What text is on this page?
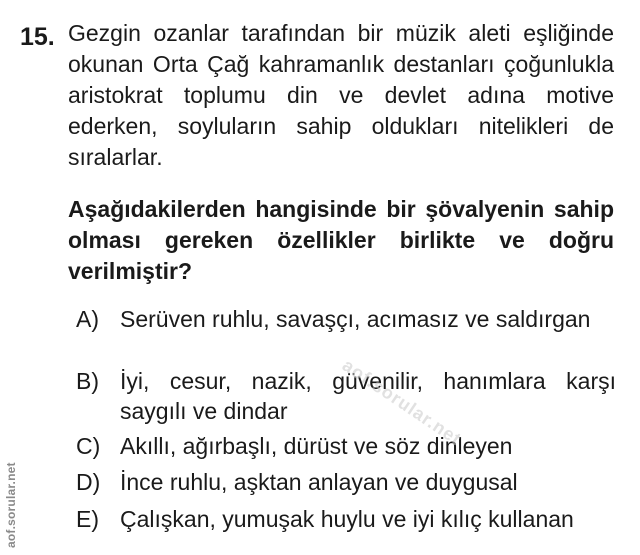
15. Gezgin ozanlar tarafından bir müzik aleti eşliğinde okunan Orta Çağ kahramanlık destanları çoğunlukla aristokrat toplumu din ve devlet adına motive ederken, soyluların sahip oldukları nitelikleri de sıralarlar.

Aşağıdakilerden hangisinde bir şövalyenin sahip olması gereken özellikler birlikte ve doğru verilmiştir?

A) Serüven ruhlu, savaşçı, acımasız ve saldırgan
B) İyi, cesur, nazik, güvenilir, hanımlara karşı saygılı ve dindar
C) Akıllı, ağırbaşlı, dürüst ve söz dinleyen
D) İnce ruhlu, aşktan anlayan ve duygusal
E) Çalışkan, yumuşak huylu ve iyi kılıç kullanan
aof.sorular.net
aof.sorular.net
